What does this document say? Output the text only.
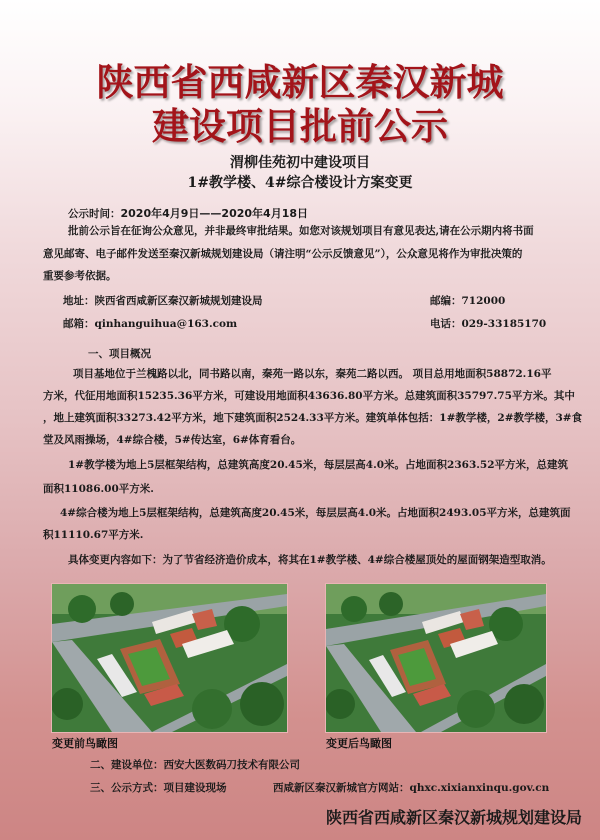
陕西省西咸新区秦汉新城
建设项目批前公示
渭柳佳苑初中建设项目
1#教学楼、4#综合楼设计方案变更
公示时间：2020年4月9日——2020年4月18日
批前公示旨在征询公众意见，并非最终审批结果。如您对该规划项目有意见表达,请在公示期内将书面
意见邮寄、电子邮件发送至秦汉新城规划建设局（请注明“公示反馈意见”），公众意见将作为审批决策的
重要参考依据。
地址：陕西省西咸新区秦汉新城规划建设局	邮编：712000
邮箱：qinhanguihua@163.com	电话：029-33185170
一、项目概况
项目基地位于兰槐路以北，同书路以南，秦苑一路以东，秦苑二路以西。 项目总用地面积58872.16平
方米，代征用地面积15235.36平方米，可建设用地面积43636.80平方米。总建筑面积35797.75平方米。其中
，地上建筑面积33273.42平方米，地下建筑面积2524.33平方米。建筑单体包括：1#教学楼，2#教学楼，3#食
堂及风雨操场，4#综合楼，5#传达室，6#体育看台。
1#教学楼为地上5层框架结构，总建筑高度20.45米，每层层高4.0米。占地面积2363.52平方米，总建筑
面积11086.00平方米.
4#综合楼为地上5层框架结构，总建筑高度20.45米，每层层高4.0米。占地面积2493.05平方米，总建筑面
积11110.67平方米.
具体变更内容如下：为了节省经济造价成本，将其在1#教学楼、4#综合楼屋顶处的屋面钢架造型取消。
变更前鸟瞰图	变更后鸟瞰图
二、建设单位：西安大医数码刀技术有限公司
三、公示方式：项目建设现场	西咸新区秦汉新城官方网站：qhxc.xixianxinqu.gov.cn
陕西省西咸新区秦汉新城规划建设局
